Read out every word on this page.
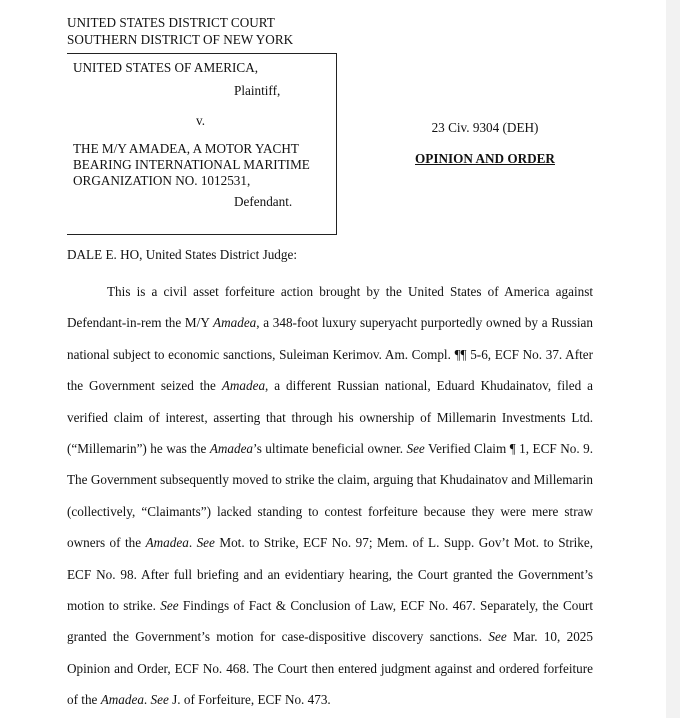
UNITED STATES DISTRICT COURT
SOUTHERN DISTRICT OF NEW YORK
UNITED STATES OF AMERICA,
Plaintiff,
v.
THE M/Y AMADEA, A MOTOR YACHT
BEARING INTERNATIONAL MARITIME
ORGANIZATION NO. 1012531,
Defendant.
23 Civ. 9304 (DEH)
OPINION AND ORDER
DALE E. HO, United States District Judge:

This is a civil asset forfeiture action brought by the United States of America against Defendant-in-rem the M/Y Amadea, a 348-foot luxury superyacht purportedly owned by a Russian national subject to economic sanctions, Suleiman Kerimov. Am. Compl. ¶¶ 5-6, ECF No. 37. After the Government seized the Amadea, a different Russian national, Eduard Khudainatov, filed a verified claim of interest, asserting that through his ownership of Millemarin Investments Ltd. (“Millemarin”) he was the Amadea’s ultimate beneficial owner. See Verified Claim ¶ 1, ECF No. 9. The Government subsequently moved to strike the claim, arguing that Khudainatov and Millemarin (collectively, “Claimants”) lacked standing to contest forfeiture because they were mere straw owners of the Amadea. See Mot. to Strike, ECF No. 97; Mem. of L. Supp. Gov’t Mot. to Strike, ECF No. 98. After full briefing and an evidentiary hearing, the Court granted the Government’s motion to strike. See Findings of Fact & Conclusion of Law, ECF No. 467. Separately, the Court granted the Government’s motion for case-dispositive discovery sanctions. See Mar. 10, 2025 Opinion and Order, ECF No. 468. The Court then entered judgment against and ordered forfeiture of the Amadea. See J. of Forfeiture, ECF No. 473.
